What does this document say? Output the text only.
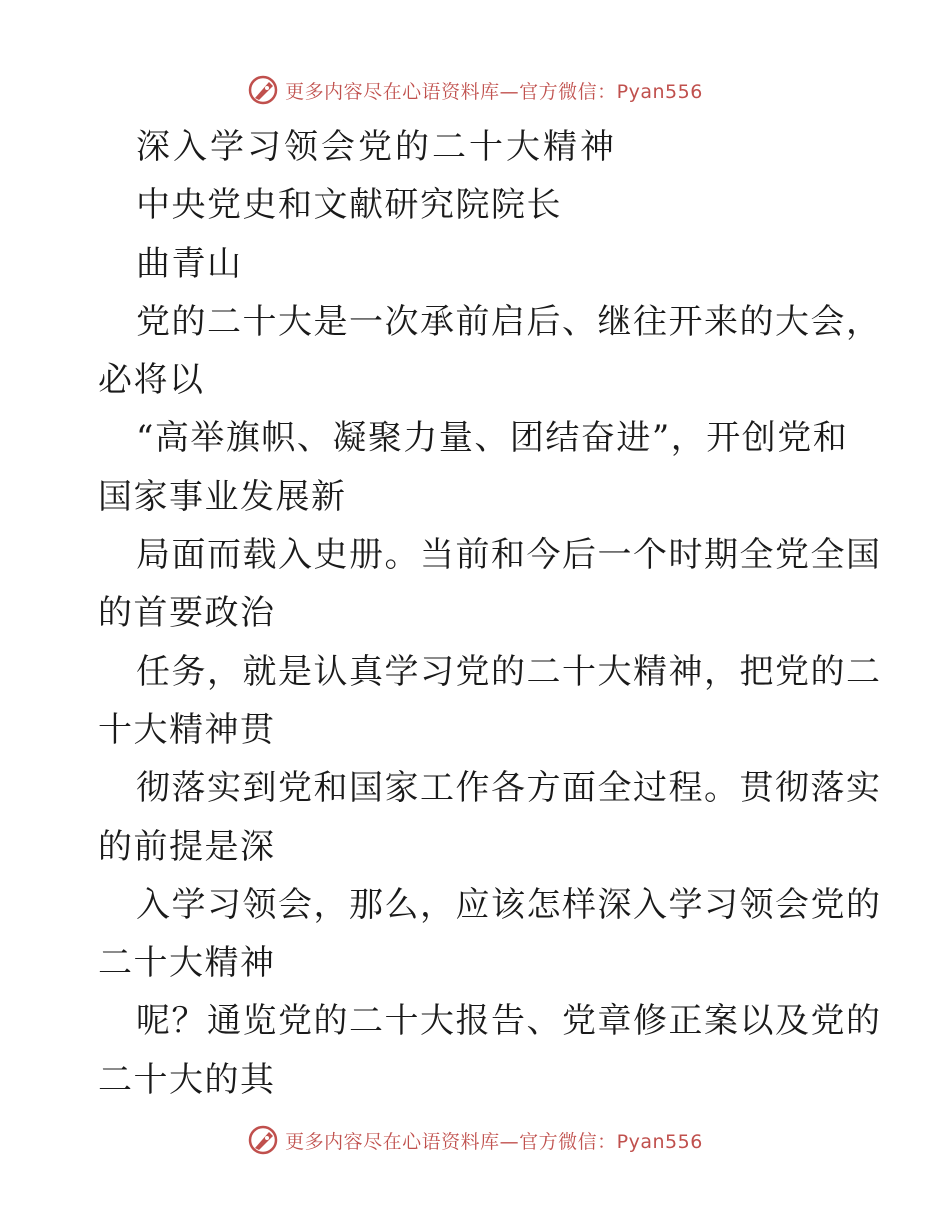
更多内容尽在心语资料库—官方微信：Pyan556
深入学习领会党的二十大精神
中央党史和文献研究院院长
曲青山
党的二十大是一次承前启后、继往开来的大会，
必将以
“高举旗帜、凝聚力量、团结奋进”，开创党和
国家事业发展新
局面而载入史册。当前和今后一个时期全党全国
的首要政治
任务，就是认真学习党的二十大精神，把党的二
十大精神贯
彻落实到党和国家工作各方面全过程。贯彻落实
的前提是深
入学习领会，那么，应该怎样深入学习领会党的
二十大精神
呢？通览党的二十大报告、党章修正案以及党的
二十大的其
更多内容尽在心语资料库—官方微信：Pyan556
